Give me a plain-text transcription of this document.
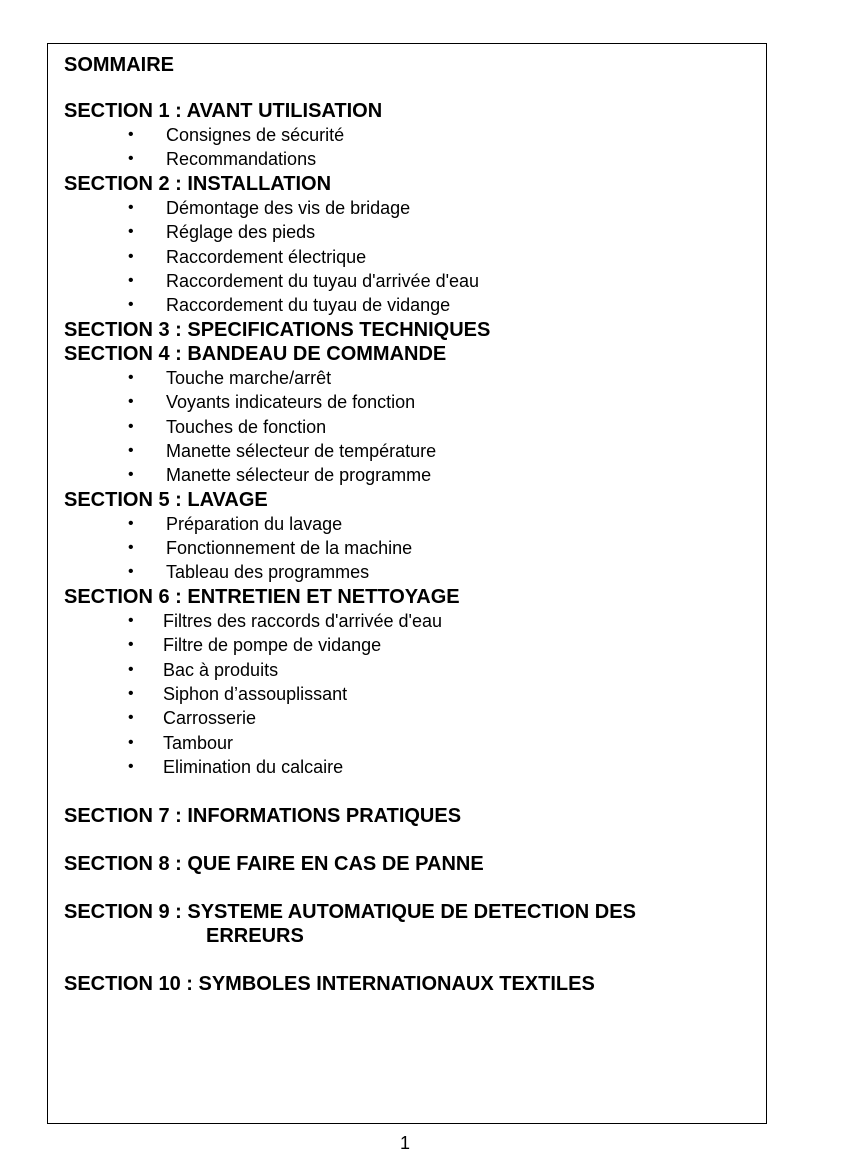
SOMMAIRE
SECTION 1 : AVANT UTILISATION
• Consignes de sécurité
• Recommandations
SECTION 2 : INSTALLATION
• Démontage des vis de bridage
• Réglage des pieds
• Raccordement électrique
• Raccordement du tuyau d'arrivée d'eau
• Raccordement du tuyau de vidange
SECTION 3 : SPECIFICATIONS TECHNIQUES
SECTION 4 : BANDEAU DE COMMANDE
• Touche marche/arrêt
• Voyants indicateurs de fonction
• Touches de fonction
• Manette sélecteur de température
• Manette sélecteur de programme
SECTION 5 : LAVAGE
• Préparation du lavage
• Fonctionnement de la machine
• Tableau des programmes
SECTION 6 : ENTRETIEN ET NETTOYAGE
• Filtres des raccords d'arrivée d'eau
• Filtre de pompe de vidange
• Bac à produits
• Siphon d’assouplissant
• Carrosserie
• Tambour
• Elimination du calcaire
SECTION 7 : INFORMATIONS PRATIQUES
SECTION 8 : QUE FAIRE EN CAS DE PANNE
SECTION 9 : SYSTEME AUTOMATIQUE DE DETECTION DES
ERREURS
SECTION 10 : SYMBOLES INTERNATIONAUX TEXTILES
1
